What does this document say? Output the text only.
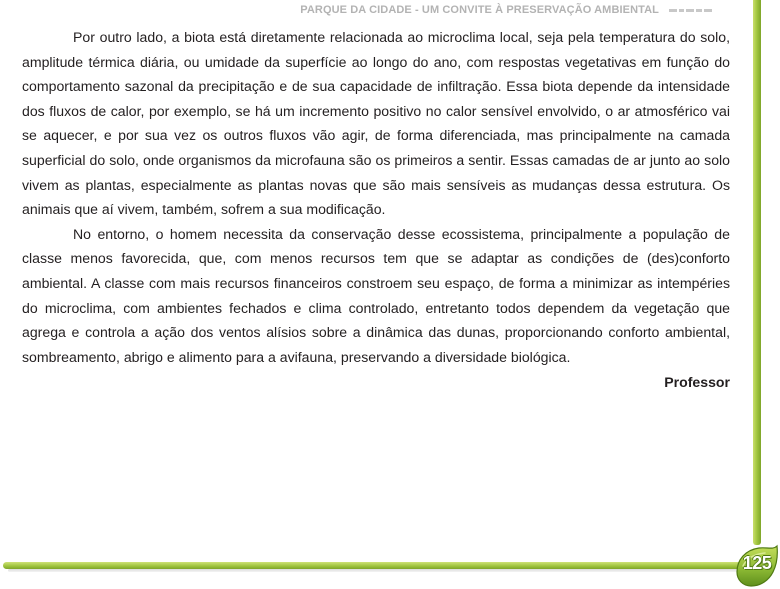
PARQUE DA CIDADE - UM CONVITE À PRESERVAÇÃO AMBIENTAL

Por outro lado, a biota está diretamente relacionada ao microclima local, seja pela temperatura do solo, amplitude térmica diária, ou umidade da superfície ao longo do ano, com respostas vegetativas em função do comportamento sazonal da precipitação e de sua capacidade de infiltração. Essa biota depende da intensidade dos fluxos de calor, por exemplo, se há um incremento positivo no calor sensível envolvido, o ar atmosférico vai se aquecer, e por sua vez os outros fluxos vão agir, de forma diferenciada, mas principalmente na camada superficial do solo, onde organismos da microfauna são os primeiros a sentir. Essas camadas de ar junto ao solo vivem as plantas, especialmente as plantas novas que são mais sensíveis as mudanças dessa estrutura. Os animais que aí vivem, também, sofrem a sua modificação.

No entorno, o homem necessita da conservação desse ecossistema, principalmente a população de classe menos favorecida, que, com menos recursos tem que se adaptar as condições de (des)conforto ambiental. A classe com mais recursos financeiros constroem seu espaço, de forma a minimizar as intempéries do microclima, com ambientes fechados e clima controlado, entretanto todos dependem da vegetação que agrega e controla a ação dos ventos alísios sobre a dinâmica das dunas, proporcionando conforto ambiental, sombreamento, abrigo e alimento para a avifauna, preservando a diversidade biológica.

Professor
125
